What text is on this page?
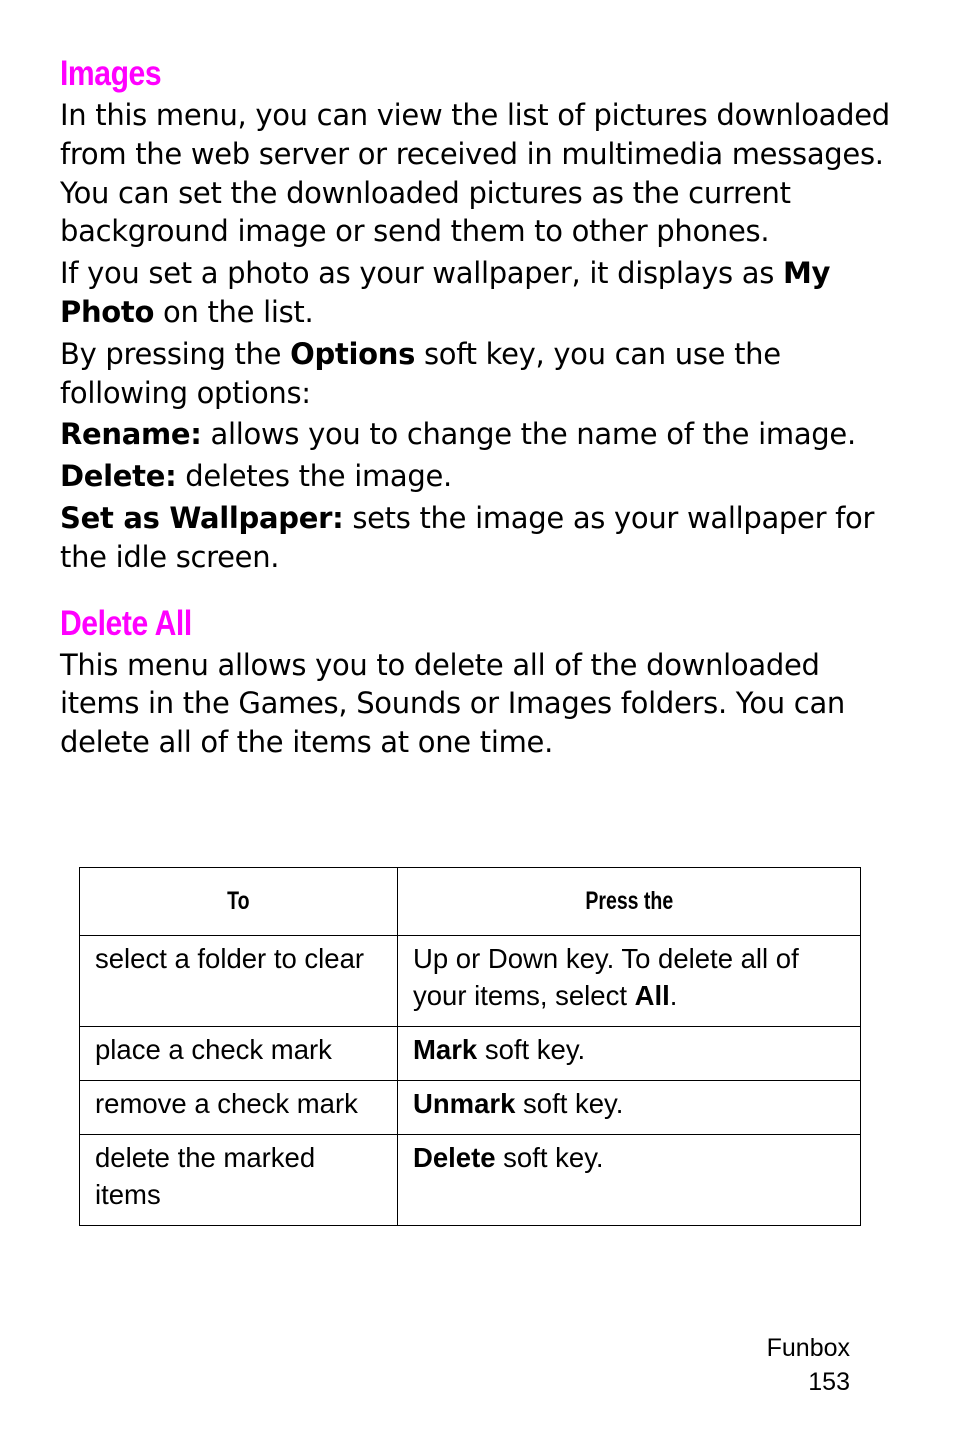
Images

In this menu, you can view the list of pictures downloaded from the web server or received in multimedia messages. You can set the downloaded pictures as the current background image or send them to other phones.

If you set a photo as your wallpaper, it displays as My Photo on the list.

By pressing the Options soft key, you can use the following options:

Rename: allows you to change the name of the image.

Delete: deletes the image.

Set as Wallpaper: sets the image as your wallpaper for the idle screen.

Delete All

This menu allows you to delete all of the downloaded items in the Games, Sounds or Images folders. You can delete all of the items at one time.

To	Press the
select a folder to clear	Up or Down key. To delete all of your items, select All.
place a check mark	Mark soft key.
remove a check mark	Unmark soft key.
delete the marked items	Delete soft key.
Funbox
153
